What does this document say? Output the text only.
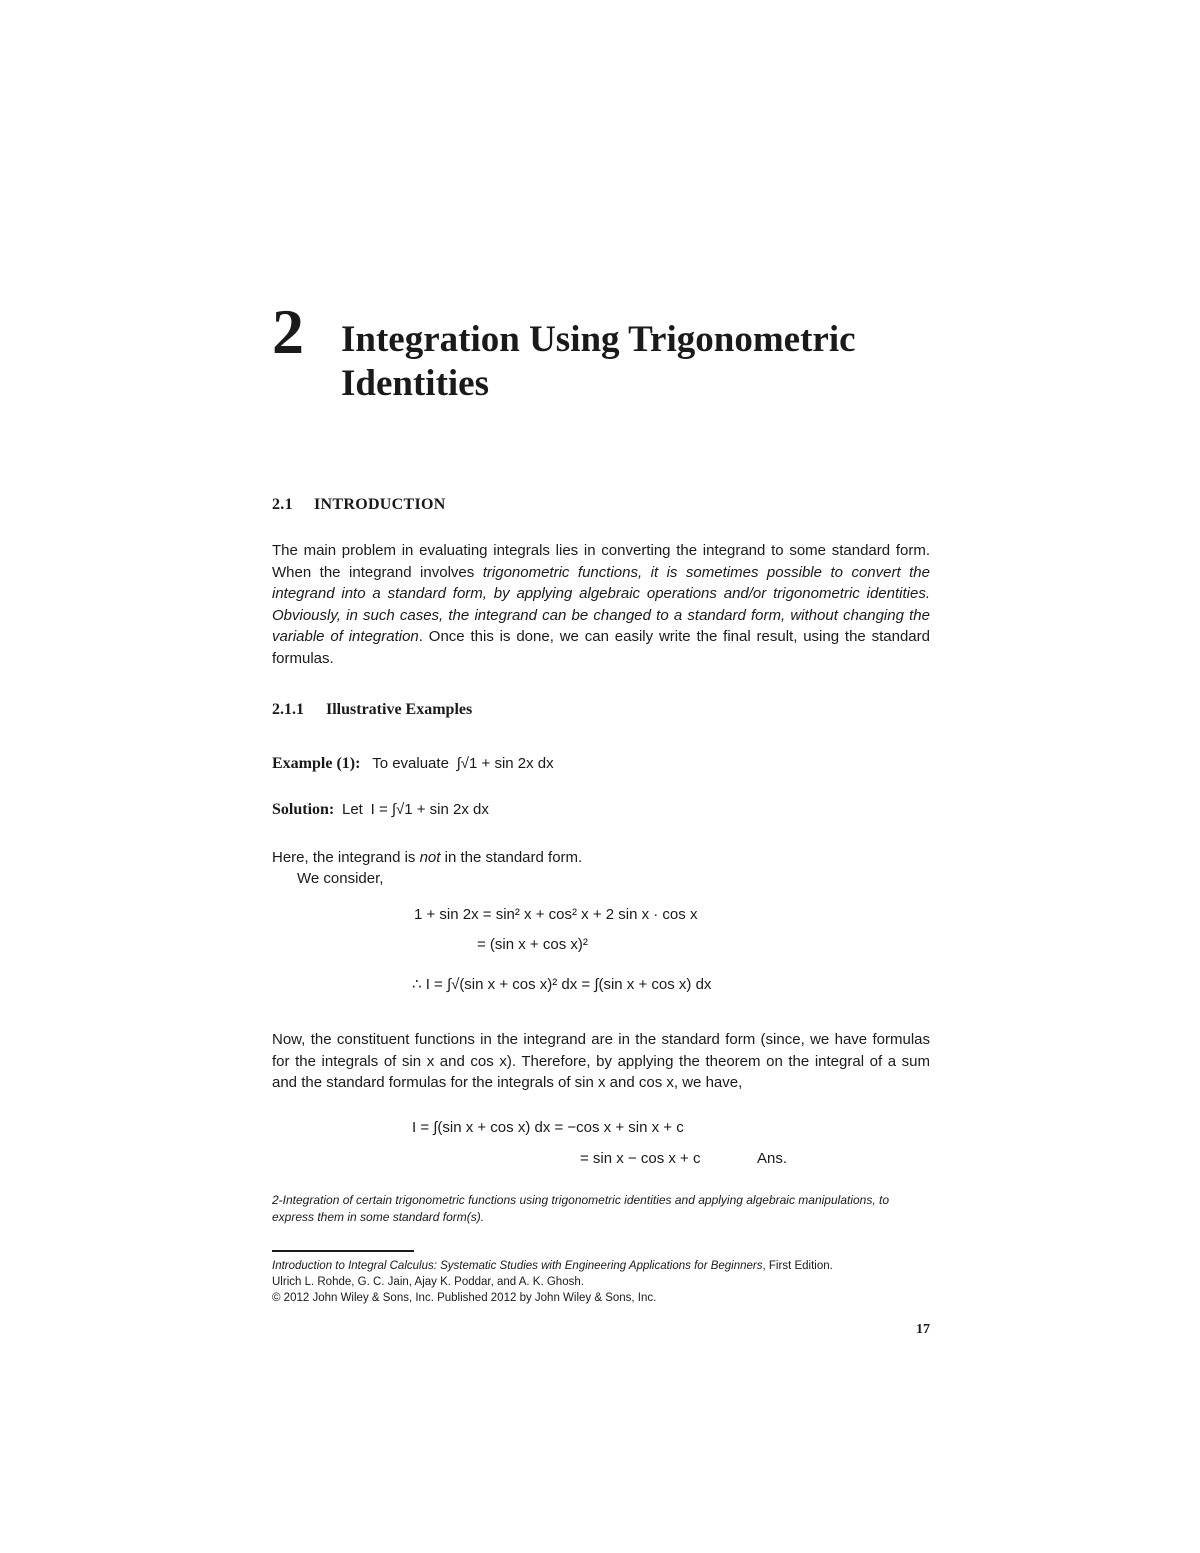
2 Integration Using Trigonometric Identities
2.1 INTRODUCTION
The main problem in evaluating integrals lies in converting the integrand to some standard form. When the integrand involves trigonometric functions, it is sometimes possible to convert the integrand into a standard form, by applying algebraic operations and/or trigonometric identities. Obviously, in such cases, the integrand can be changed to a standard form, without changing the variable of integration. Once this is done, we can easily write the final result, using the standard formulas.
2.1.1 Illustrative Examples
Example (1): To evaluate ∫√1 + sin 2x dx
Solution: Let I = ∫√1 + sin 2x dx
Here, the integrand is not in the standard form.
We consider,
1 + sin 2x = sin² x + cos² x + 2 sin x · cos x
= (sin x + cos x)²
∴ I = ∫√(sin x + cos x)² dx = ∫(sin x + cos x) dx
Now, the constituent functions in the integrand are in the standard form (since, we have formulas for the integrals of sin x and cos x). Therefore, by applying the theorem on the integral of a sum and the standard formulas for the integrals of sin x and cos x, we have,
I = ∫(sin x + cos x) dx = −cos x + sin x + c
= sin x − cos x + c	Ans.
2-Integration of certain trigonometric functions using trigonometric identities and applying algebraic manipulations, to express them in some standard form(s).
Introduction to Integral Calculus: Systematic Studies with Engineering Applications for Beginners, First Edition.
Ulrich L. Rohde, G. C. Jain, Ajay K. Poddar, and A. K. Ghosh.
© 2012 John Wiley & Sons, Inc. Published 2012 by John Wiley & Sons, Inc.
17
